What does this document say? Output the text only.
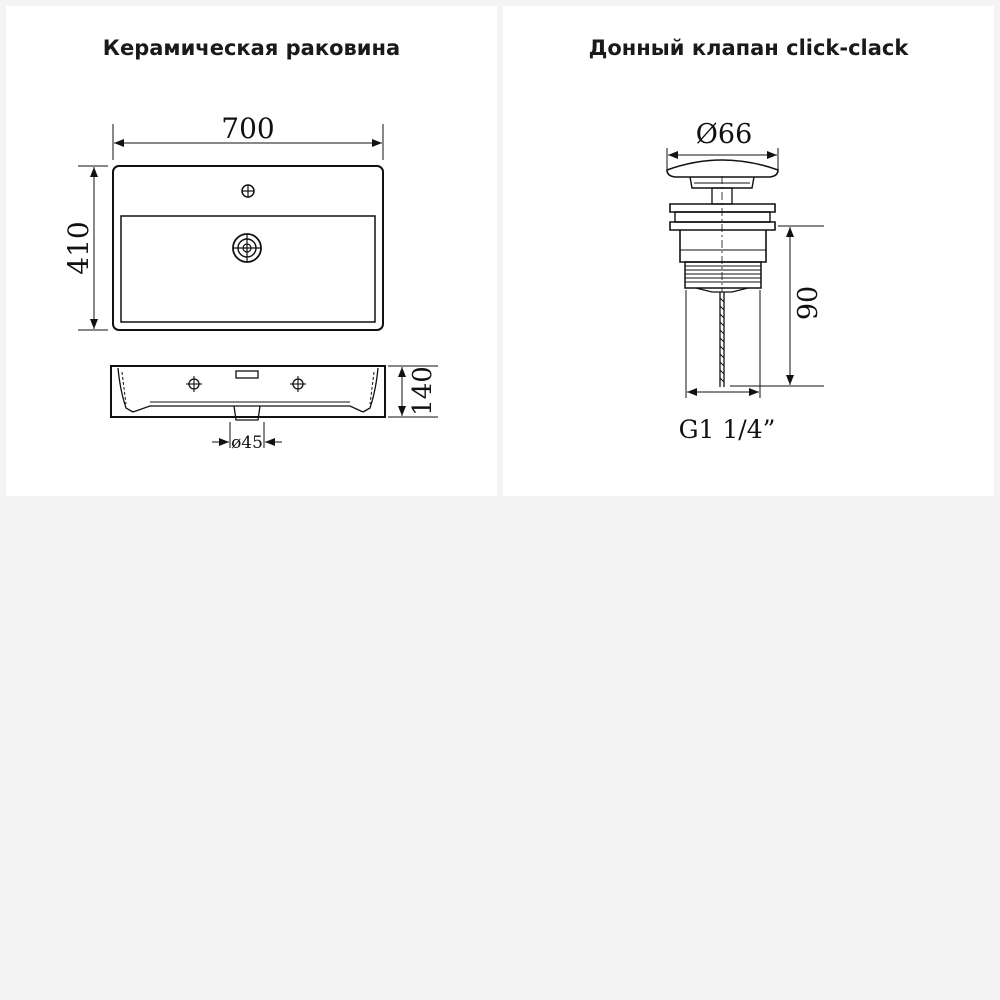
Керамическая раковина
700
410
140
ø45
Донный клапан click-clack
Ø66
90
G1 1/4”
